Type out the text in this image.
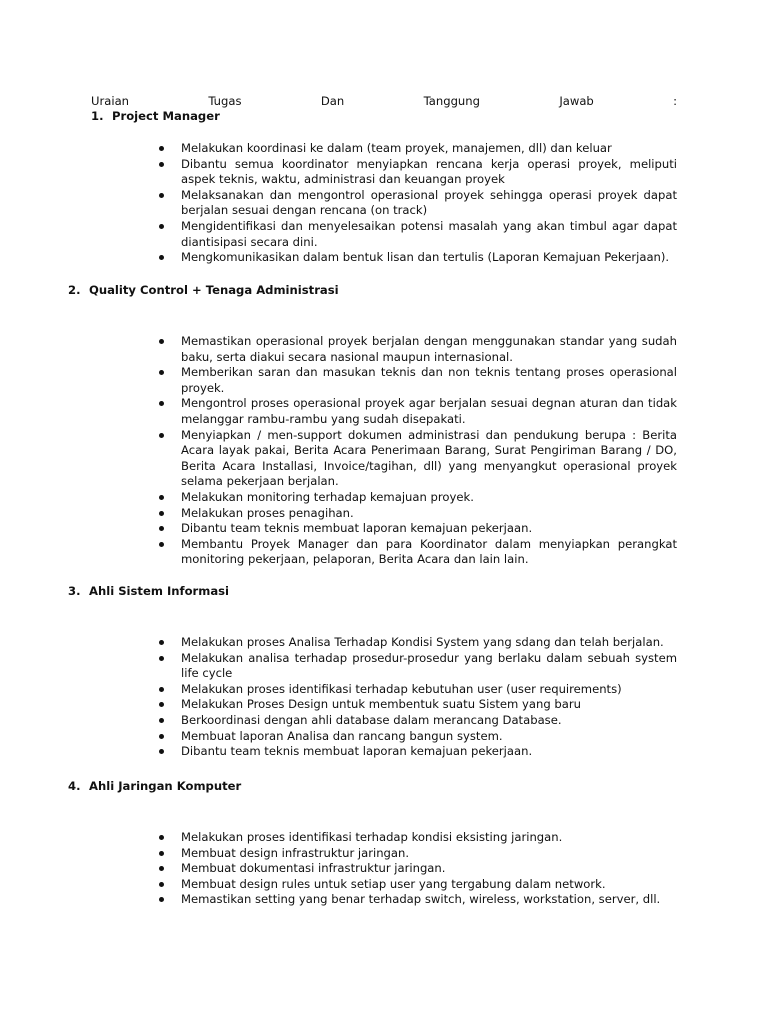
Uraian	Tugas	Dan	Tanggung	Jawab	:
1. Project Manager
Melakukan koordinasi ke dalam (team proyek, manajemen, dll) dan keluar
Dibantu semua koordinator menyiapkan rencana kerja operasi proyek, meliputi aspek teknis, waktu, administrasi dan keuangan proyek
Melaksanakan dan mengontrol operasional proyek sehingga operasi proyek dapat berjalan sesuai dengan rencana (on track)
Mengidentifikasi dan menyelesaikan potensi masalah yang akan timbul agar dapat diantisipasi secara dini.
Mengkomunikasikan dalam bentuk lisan dan tertulis (Laporan Kemajuan Pekerjaan).
2. Quality Control + Tenaga Administrasi
Memastikan operasional proyek berjalan dengan menggunakan standar yang sudah baku, serta diakui secara nasional maupun internasional.
Memberikan saran dan masukan teknis dan non teknis tentang proses operasional proyek.
Mengontrol proses operasional proyek agar berjalan sesuai degnan aturan dan tidak melanggar rambu-rambu yang sudah disepakati.
Menyiapkan / men-support dokumen administrasi dan pendukung berupa : Berita Acara layak pakai, Berita Acara Penerimaan Barang, Surat Pengiriman Barang / DO, Berita Acara Installasi, Invoice/tagihan, dll) yang menyangkut operasional proyek selama pekerjaan berjalan.
Melakukan monitoring terhadap kemajuan proyek.
Melakukan proses penagihan.
Dibantu team teknis membuat laporan kemajuan pekerjaan.
Membantu Proyek Manager dan para Koordinator dalam menyiapkan perangkat monitoring pekerjaan, pelaporan, Berita Acara dan lain lain.
3. Ahli Sistem Informasi
Melakukan proses Analisa Terhadap Kondisi System yang sdang dan telah berjalan.
Melakukan analisa terhadap prosedur-prosedur yang berlaku dalam sebuah system life cycle
Melakukan proses identifikasi terhadap kebutuhan user (user requirements)
Melakukan Proses Design untuk membentuk suatu Sistem yang baru
Berkoordinasi dengan ahli database dalam merancang Database.
Membuat laporan Analisa dan rancang bangun system.
Dibantu team teknis membuat laporan kemajuan pekerjaan.
4. Ahli Jaringan Komputer
Melakukan proses identifikasi terhadap kondisi eksisting jaringan.
Membuat design infrastruktur jaringan.
Membuat dokumentasi infrastruktur jaringan.
Membuat design rules untuk setiap user yang tergabung dalam network.
Memastikan setting yang benar terhadap switch, wireless, workstation, server, dll.
